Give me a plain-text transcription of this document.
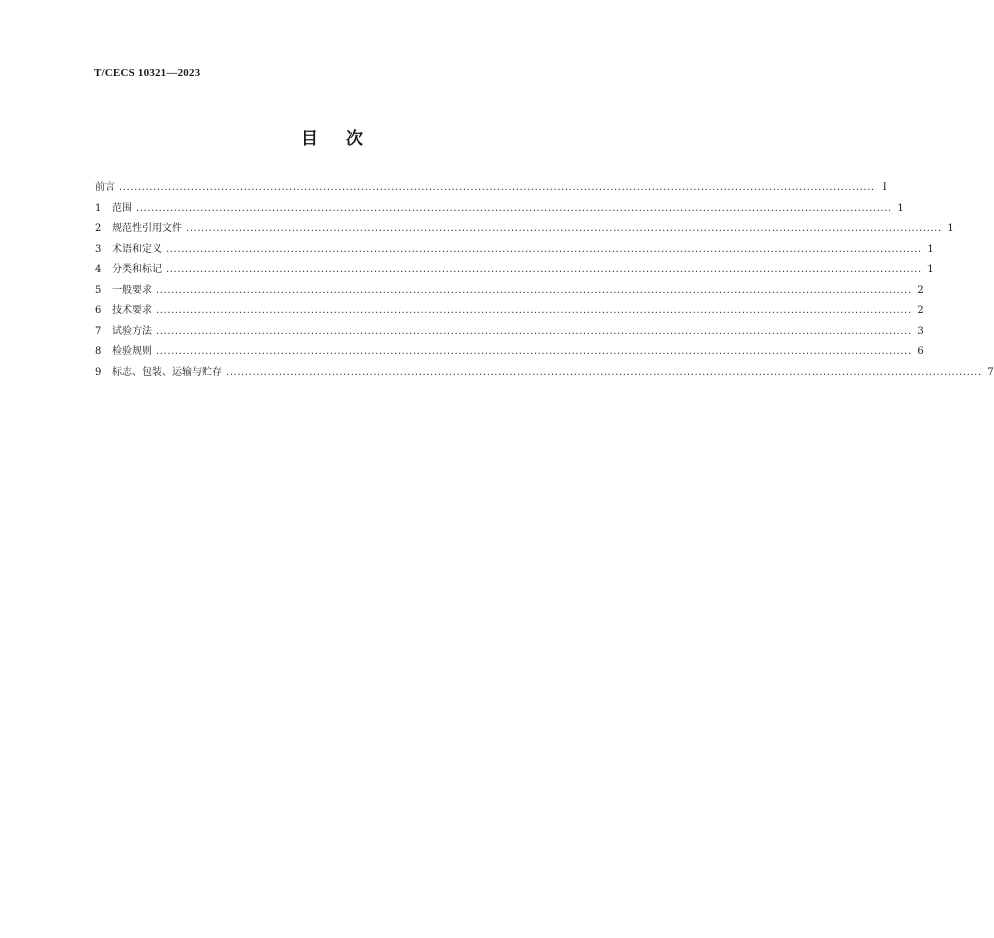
T/CECS 10321—2023
目 次
前言 ........................................................................................................................................................................................................ Ⅰ
1	范围 ........................................................................................................................................................................................................ 1
2	规范性引用文件 ........................................................................................................................................................................................................ 1
3	术语和定义 ........................................................................................................................................................................................................ 1
4	分类和标记 ........................................................................................................................................................................................................ 1
5	一般要求 ........................................................................................................................................................................................................ 2
6	技术要求 ........................................................................................................................................................................................................ 2
7	试验方法 ........................................................................................................................................................................................................ 3
8	检验规则 ........................................................................................................................................................................................................ 6
9	标志、包装、运输与贮存 ........................................................................................................................................................................................................ 7
